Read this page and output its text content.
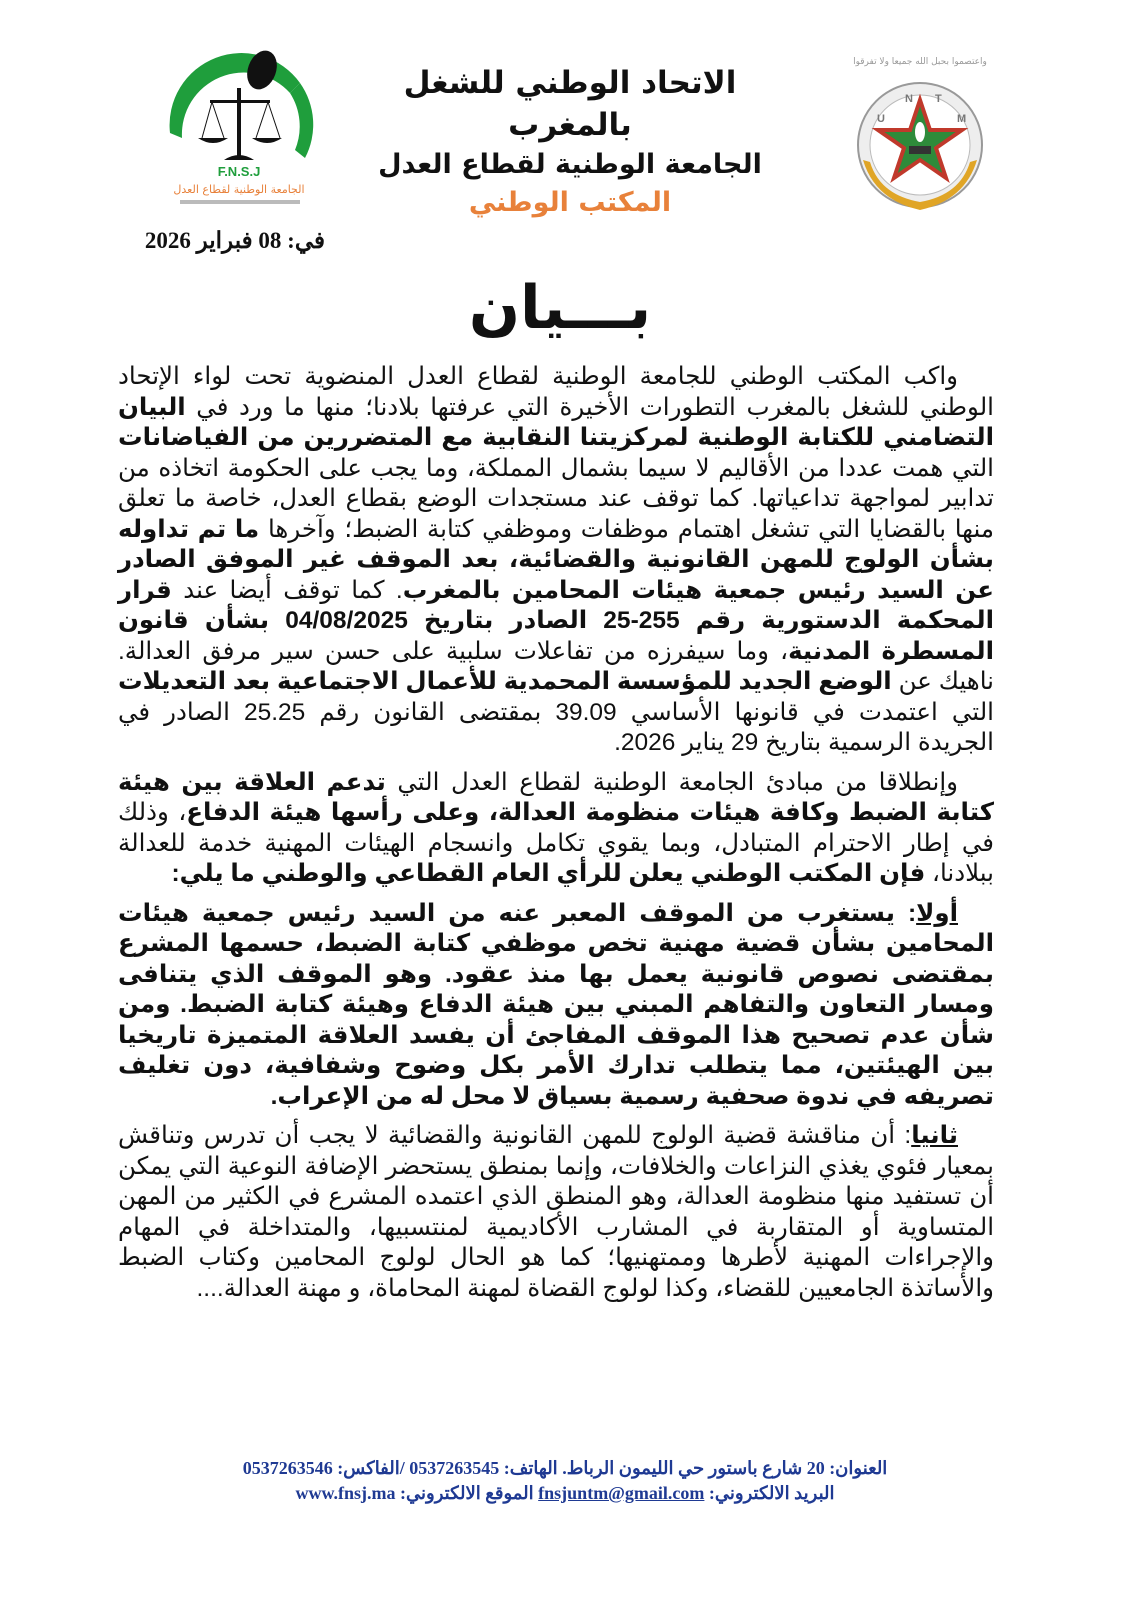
F.N.S.J
الجامعة الوطنية لقطاع العدل
الاتحاد الوطني للشغل بالمغرب
الجامعة الوطنية لقطاع العدل
المكتب الوطني
واعتصموا بحبل الله جميعا ولا تفرقوا
U
N T
M
في: 08 فبراير 2026
بـــيان

واكب المكتب الوطني للجامعة الوطنية لقطاع العدل المنضوية تحت لواء الإتحاد الوطني للشغل بالمغرب التطورات الأخيرة التي عرفتها بلادنا؛ منها ما ورد في البيان التضامني للكتابة الوطنية لمركزيتنا النقابية مع المتضررين من الفياضانات التي همت عددا من الأقاليم لا سيما بشمال المملكة، وما يجب على الحكومة اتخاذه من تدابير لمواجهة تداعياتها. كما توقف عند مستجدات الوضع بقطاع العدل، خاصة ما تعلق منها بالقضايا التي تشغل اهتمام موظفات وموظفي كتابة الضبط؛ وآخرها ما تم تداوله بشأن الولوج للمهن القانونية والقضائية، بعد الموقف غير الموفق الصادر عن السيد رئيس جمعية هيئات المحامين بالمغرب. كما توقف أيضا عند قرار المحكمة الدستورية رقم 255-25 الصادر بتاريخ 04/08/2025 بشأن قانون المسطرة المدنية، وما سيفرزه من تفاعلات سلبية على حسن سير مرفق العدالة. ناهيك عن الوضع الجديد للمؤسسة المحمدية للأعمال الاجتماعية بعد التعديلات التي اعتمدت في قانونها الأساسي 39.09 بمقتضى القانون رقم 25.25 الصادر في الجريدة الرسمية بتاريخ 29 يناير 2026.

وإنطلاقا من مبادئ الجامعة الوطنية لقطاع العدل التي تدعم العلاقة بين هيئة كتابة الضبط وكافة هيئات منظومة العدالة، وعلى رأسها هيئة الدفاع، وذلك في إطار الاحترام المتبادل، وبما يقوي تكامل وانسجام الهيئات المهنية خدمة للعدالة ببلادنا، فإن المكتب الوطني يعلن للرأي العام القطاعي والوطني ما يلي:

أولا: يستغرب من الموقف المعبر عنه من السيد رئيس جمعية هيئات المحامين بشأن قضية مهنية تخص موظفي كتابة الضبط، حسمها المشرع بمقتضى نصوص قانونية يعمل بها منذ عقود. وهو الموقف الذي يتنافى ومسار التعاون والتفاهم المبني بين هيئة الدفاع وهيئة كتابة الضبط. ومن شأن عدم تصحيح هذا الموقف المفاجئ أن يفسد العلاقة المتميزة تاريخيا بين الهيئتين، مما يتطلب تدارك الأمر بكل وضوح وشفافية، دون تغليف تصريفه في ندوة صحفية رسمية بسياق لا محل له من الإعراب.

ثانيا: أن مناقشة قضية الولوج للمهن القانونية والقضائية لا يجب أن تدرس وتناقش بمعيار فئوي يغذي النزاعات والخلافات، وإنما بمنطق يستحضر الإضافة النوعية التي يمكن أن تستفيد منها منظومة العدالة، وهو المنطق الذي اعتمده المشرع في الكثير من المهن المتساوية أو المتقاربة في المشارب الأكاديمية لمنتسبيها، والمتداخلة في المهام والإجراءات المهنية لأطرها وممتهنيها؛ كما هو الحال لولوج المحامين وكتاب الضبط والأساتذة الجامعيين للقضاء، وكذا لولوج القضاة لمهنة المحاماة، و مهنة العدالة....

العنوان: 20 شارع باستور حي الليمون الرباط. الهاتف: 0537263545 /الفاكس: 0537263546
البريد الالكتروني: fnsjuntm@gmail.com الموقع الالكتروني: www.fnsj.ma
